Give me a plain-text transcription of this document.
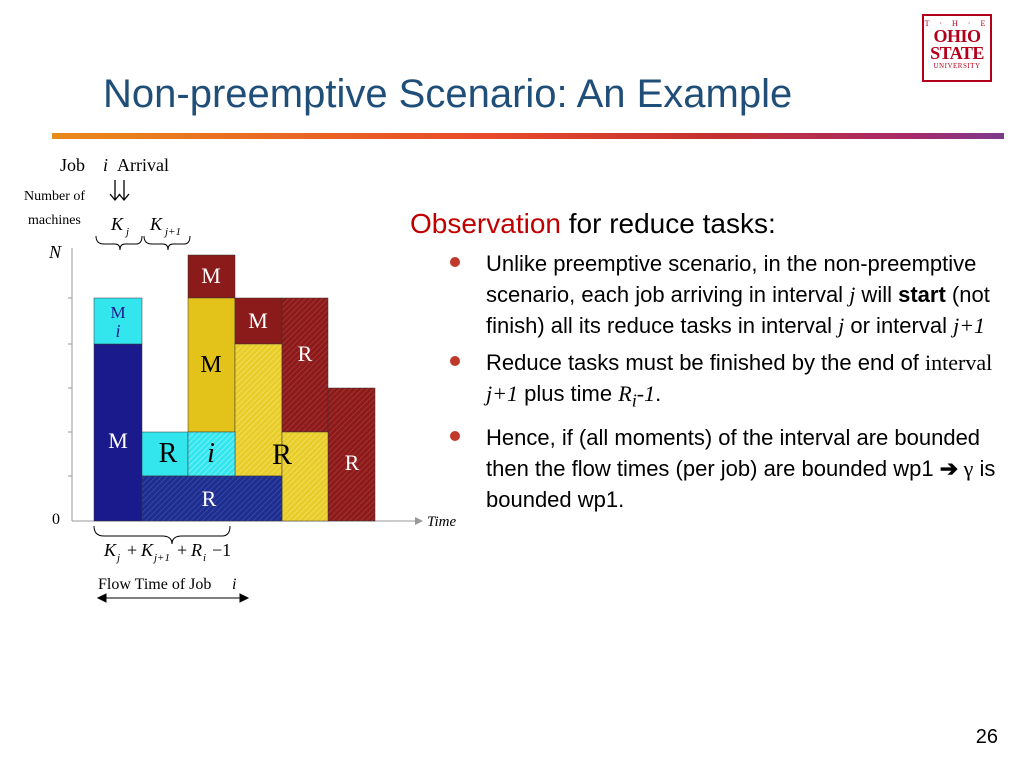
Non-preemptive Scenario: An Example
T · H · E
OHIO
STATE
UNIVERSITY
Job i Arrival
Number of
machines
N
K j K j+1
0	Time
M
i
M
M
M
M	R
R i R R
R
K j + K j+1 + R i −1
Flow Time of Job i

Observation for reduce tasks:

Unlike preemptive scenario, in the non-preemptive scenario, each job arriving in interval j will start (not finish) all its reduce tasks in interval j or interval j+1
Reduce tasks must be finished by the end of interval j+1 plus time $R_i-1$.
Hence, if (all moments) of the interval are bounded then the flow times (per job) are bounded wp1 ➔ γ is bounded wp1.
26
